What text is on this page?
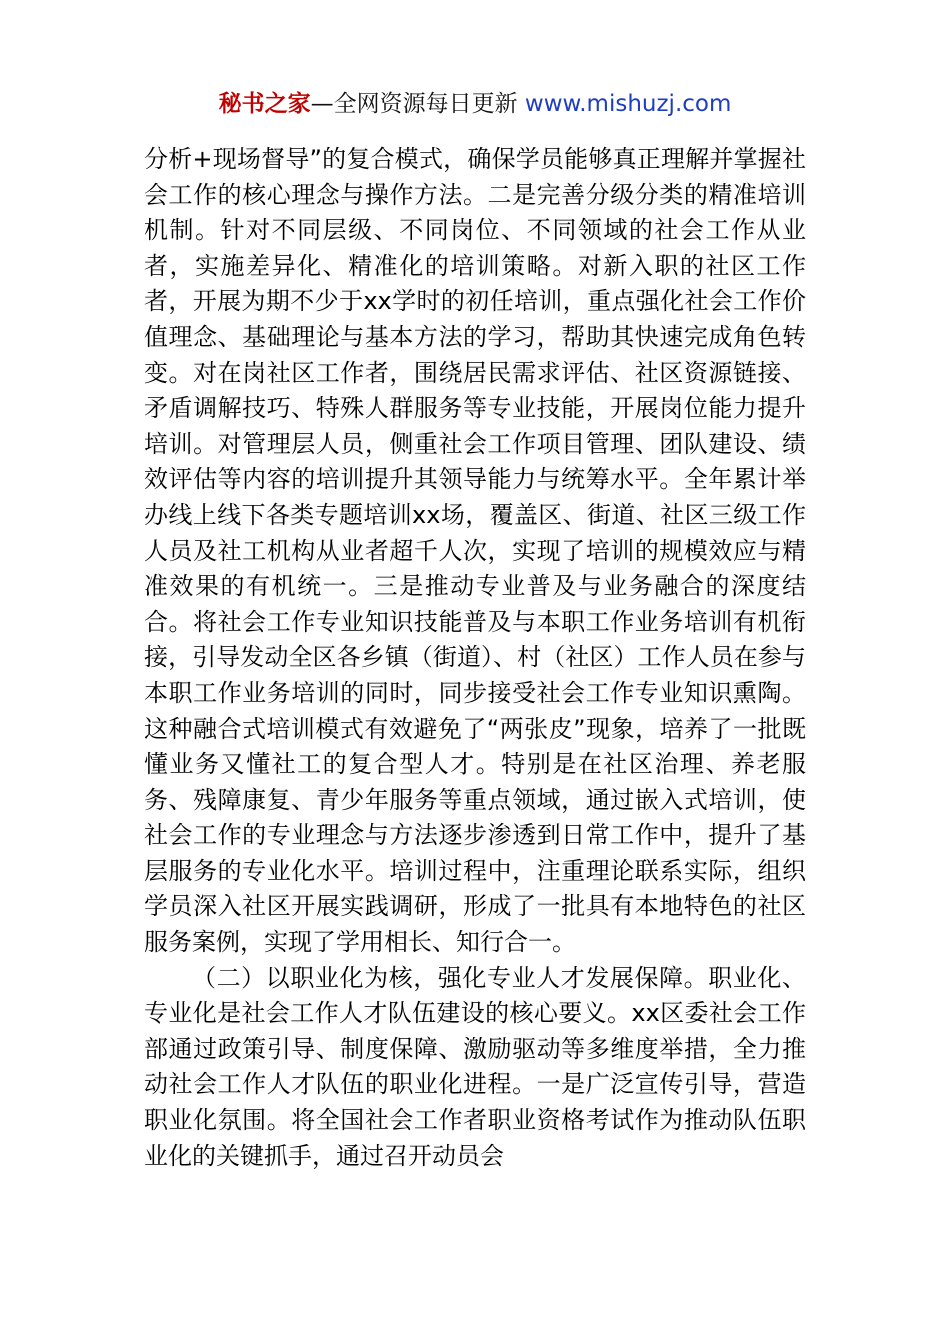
秘书之家—全网资源每日更新 www.mishuzj.com

分析+现场督导”的复合模式，确保学员能够真正理解并掌握社会工作的核心理念与操作方法。二是完善分级分类的精准培训机制。针对不同层级、不同岗位、不同领域的社会工作从业者，实施差异化、精准化的培训策略。对新入职的社区工作者，开展为期不少于xx学时的初任培训，重点强化社会工作价值理念、基础理论与基本方法的学习，帮助其快速完成角色转变。对在岗社区工作者，围绕居民需求评估、社区资源链接、矛盾调解技巧、特殊人群服务等专业技能，开展岗位能力提升培训。对管理层人员，侧重社会工作项目管理、团队建设、绩效评估等内容的培训提升其领导能力与统筹水平。全年累计举办线上线下各类专题培训xx场，覆盖区、街道、社区三级工作人员及社工机构从业者超千人次，实现了培训的规模效应与精准效果的有机统一。三是推动专业普及与业务融合的深度结合。将社会工作专业知识技能普及与本职工作业务培训有机衔接，引导发动全区各乡镇（街道）、村（社区）工作人员在参与本职工作业务培训的同时，同步接受社会工作专业知识熏陶。这种融合式培训模式有效避免了“两张皮”现象，培养了一批既懂业务又懂社工的复合型人才。特别是在社区治理、养老服务、残障康复、青少年服务等重点领域，通过嵌入式培训，使社会工作的专业理念与方法逐步渗透到日常工作中，提升了基层服务的专业化水平。培训过程中，注重理论联系实际，组织学员深入社区开展实践调研，形成了一批具有本地特色的社区服务案例，实现了学用相长、知行合一。

（二）以职业化为核，强化专业人才发展保障。职业化、专业化是社会工作人才队伍建设的核心要义。xx区委社会工作部通过政策引导、制度保障、激励驱动等多维度举措，全力推动社会工作人才队伍的职业化进程。一是广泛宣传引导，营造职业化氛围。将全国社会工作者职业资格考试作为推动队伍职业化的关键抓手，通过召开动员会
